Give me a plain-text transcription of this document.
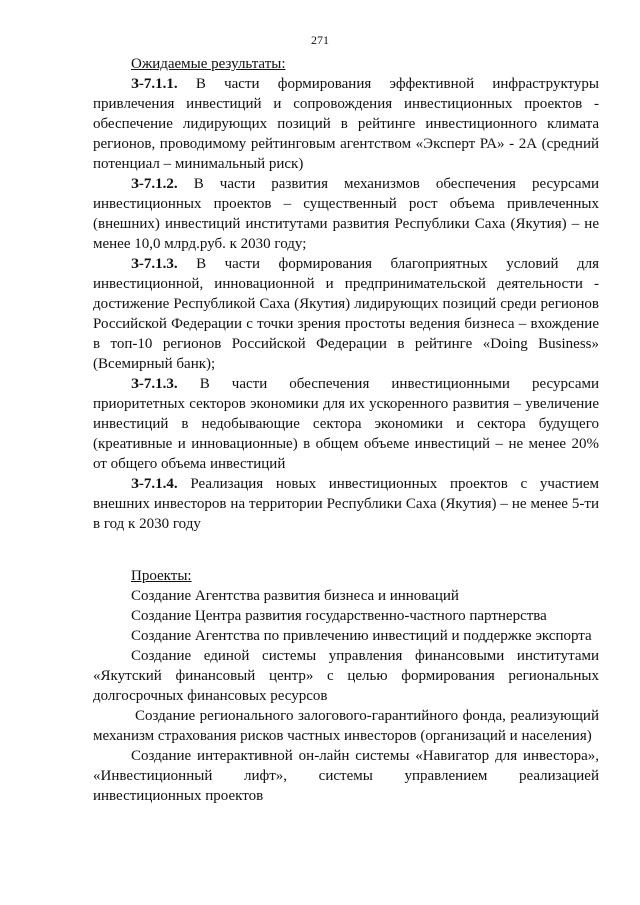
271

Ожидаемые результаты:

З-7.1.1. В части формирования эффективной инфраструктуры привлечения инвестиций и сопровождения инвестиционных проектов - обеспечение лидирующих позиций в рейтинге инвестиционного климата регионов, проводимому рейтинговым агентством «Эксперт РА» - 2А (средний потенциал – минимальный риск)

З-7.1.2. В части развития механизмов обеспечения ресурсами инвестиционных проектов – существенный рост объема привлеченных (внешних) инвестиций институтами развития Республики Саха (Якутия) – не менее 10,0 млрд.руб. к 2030 году;

З-7.1.3. В части формирования благоприятных условий для инвестиционной, инновационной и предпринимательской деятельности - достижение Республикой Саха (Якутия) лидирующих позиций среди регионов Российской Федерации с точки зрения простоты ведения бизнеса – вхождение в топ-10 регионов Российской Федерации в рейтинге «Doing Business» (Всемирный банк);

З-7.1.3. В части обеспечения инвестиционными ресурсами приоритетных секторов экономики для их ускоренного развития – увеличение инвестиций в недобывающие сектора экономики и сектора будущего (креативные и инновационные) в общем объеме инвестиций – не менее 20% от общего объема инвестиций

З-7.1.4. Реализация новых инвестиционных проектов с участием внешних инвесторов на территории Республики Саха (Якутия) – не менее 5-ти в год к 2030 году

Проекты:

Создание Агентства развития бизнеса и инноваций

Создание Центра развития государственно-частного партнерства

Создание Агентства по привлечению инвестиций и поддержке экспорта

Создание единой системы управления финансовыми институтами «Якутский финансовый центр» с целью формирования региональных долгосрочных финансовых ресурсов

Создание регионального залогового-гарантийного фонда, реализующий механизм страхования рисков частных инвесторов (организаций и населения)

Создание интерактивной он-лайн системы «Навигатор для инвестора», «Инвестиционный лифт», системы управлением реализацией инвестиционных проектов
